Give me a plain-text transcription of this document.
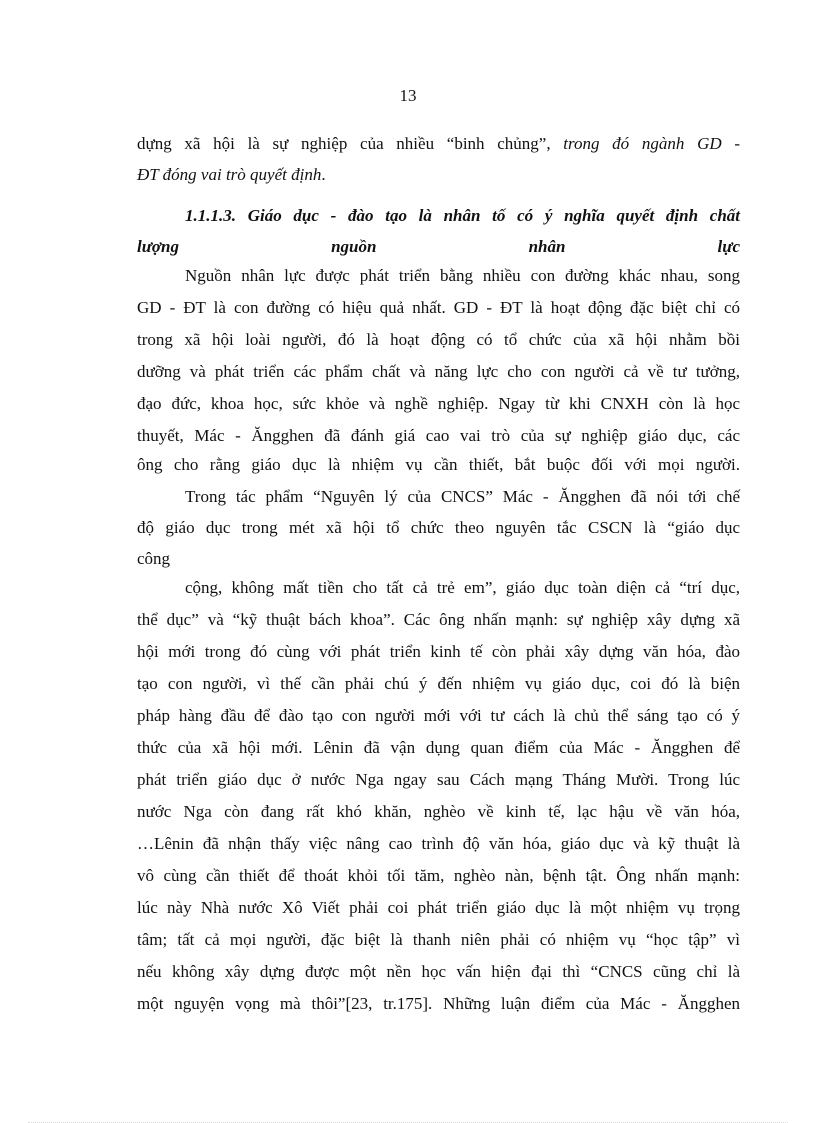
13
dựng xã hội là sự nghiệp của nhiều “binh chủng”, trong đó ngành GD -
ĐT đóng vai trò quyết định.
1.1.1.3. Giáo dục - đào tạo là nhân tố có ý nghĩa quyết định chất
lượng nguồn nhân lực
Nguồn nhân lực được phát triển bằng nhiều con đường khác nhau, song
GD - ĐT là con đường có hiệu quả nhất. GD - ĐT là hoạt động đặc biệt chỉ có
trong xã hội loài người, đó là hoạt động có tổ chức của xã hội nhằm bồi
dưỡng và phát triển các phẩm chất và năng lực cho con người cả về tư tưởng,
đạo đức, khoa học, sức khỏe và nghề nghiệp. Ngay từ khi CNXH còn là học
thuyết, Mác - Ăngghen đã đánh giá cao vai trò của sự nghiệp giáo dục, các
ông cho rằng giáo dục là nhiệm vụ cần thiết, bắt buộc đối với mọi người.
Trong tác phẩm “Nguyên lý của CNCS” Mác - Ăngghen đã nói tới chế
độ giáo dục trong mét xã hội tổ chức theo nguyên tắc CSCN là “giáo dục
công
cộng, không mất tiền cho tất cả trẻ em”, giáo dục toàn diện cả “trí dục,
thể dục” và “kỹ thuật bách khoa”. Các ông nhấn mạnh: sự nghiệp xây dựng xã
hội mới trong đó cùng với phát triển kinh tế còn phải xây dựng văn hóa, đào
tạo con người, vì thế cần phải chú ý đến nhiệm vụ giáo dục, coi đó là biện
pháp hàng đầu để đào tạo con người mới với tư cách là chủ thể sáng tạo có ý
thức của xã hội mới. Lênin đã vận dụng quan điểm của Mác - Ăngghen để
phát triển giáo dục ở nước Nga ngay sau Cách mạng Tháng Mười. Trong lúc
nước Nga còn đang rất khó khăn, nghèo về kinh tế, lạc hậu về văn hóa,
…Lênin đã nhận thấy việc nâng cao trình độ văn hóa, giáo dục và kỹ thuật là
vô cùng cần thiết để thoát khỏi tối tăm, nghèo nàn, bệnh tật. Ông nhấn mạnh:
lúc này Nhà nước Xô Viết phải coi phát triển giáo dục là một nhiệm vụ trọng
tâm; tất cả mọi người, đặc biệt là thanh niên phải có nhiệm vụ “học tập” vì
nếu không xây dựng được một nền học vấn hiện đại thì “CNCS cũng chỉ là
một nguyện vọng mà thôi”[23, tr.175]. Những luận điểm của Mác - Ăngghen
